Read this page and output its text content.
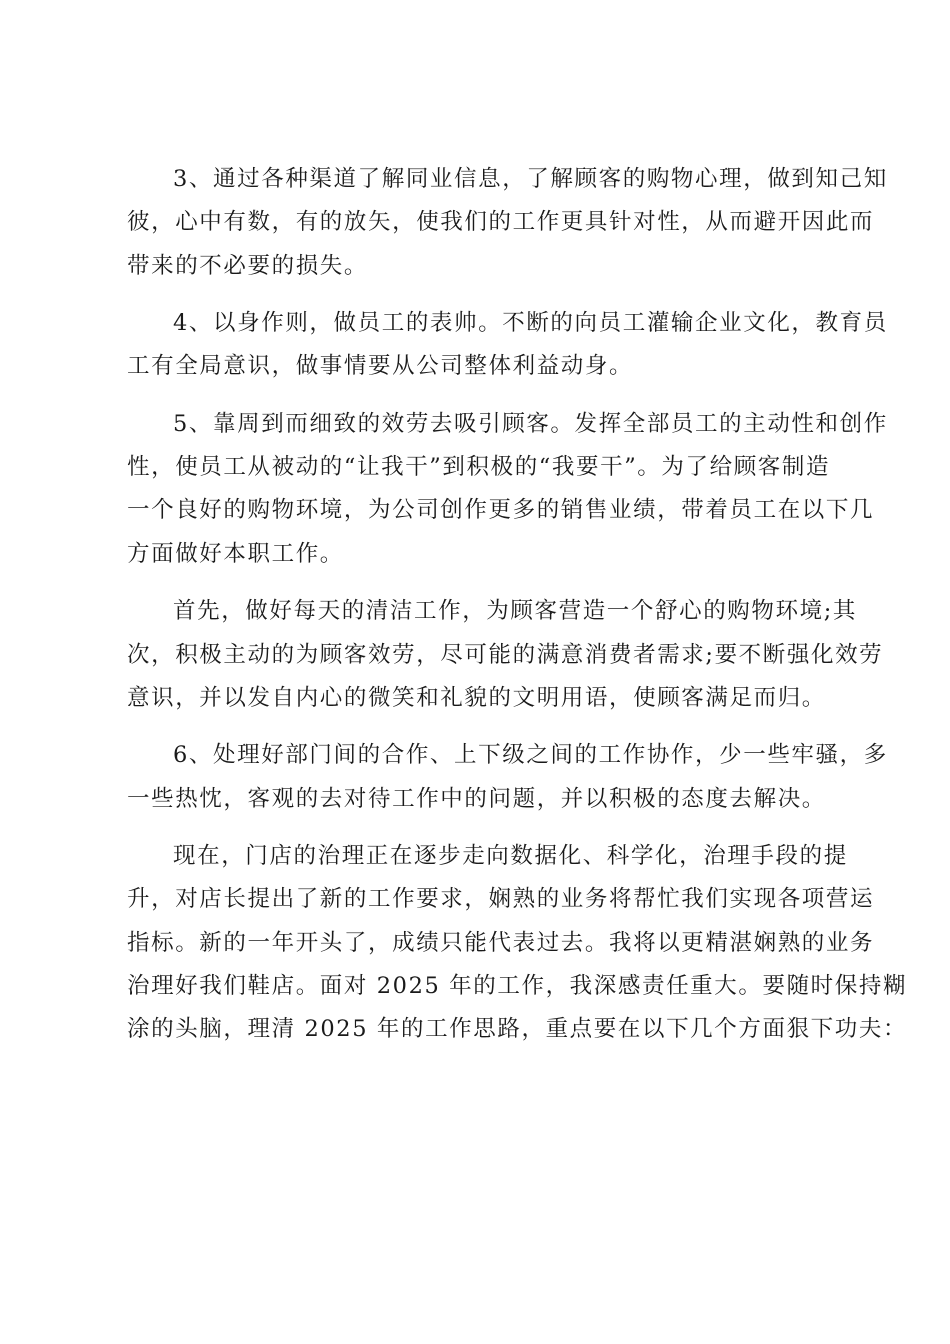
3、通过各种渠道了解同业信息，了解顾客的购物心理，做到知己知
彼，心中有数，有的放矢，使我们的工作更具针对性，从而避开因此而
带来的不必要的损失。
4、以身作则，做员工的表帅。不断的向员工灌输企业文化，教育员
工有全局意识，做事情要从公司整体利益动身。
5、靠周到而细致的效劳去吸引顾客。发挥全部员工的主动性和创作
性，使员工从被动的“让我干”到积极的“我要干”。为了给顾客制造
一个良好的购物环境，为公司创作更多的销售业绩，带着员工在以下几
方面做好本职工作。
首先，做好每天的清洁工作，为顾客营造一个舒心的购物环境;其
次，积极主动的为顾客效劳，尽可能的满意消费者需求;要不断强化效劳
意识，并以发自内心的微笑和礼貌的文明用语，使顾客满足而归。
6、处理好部门间的合作、上下级之间的工作协作，少一些牢骚，多
一些热忱，客观的去对待工作中的问题，并以积极的态度去解决。
现在，门店的治理正在逐步走向数据化、科学化，治理手段的提
升，对店长提出了新的工作要求，娴熟的业务将帮忙我们实现各项营运
指标。新的一年开头了，成绩只能代表过去。我将以更精湛娴熟的业务
治理好我们鞋店。面对 2025 年的工作，我深感责任重大。要随时保持糊
涂的头脑，理清 2025 年的工作思路，重点要在以下几个方面狠下功夫：
